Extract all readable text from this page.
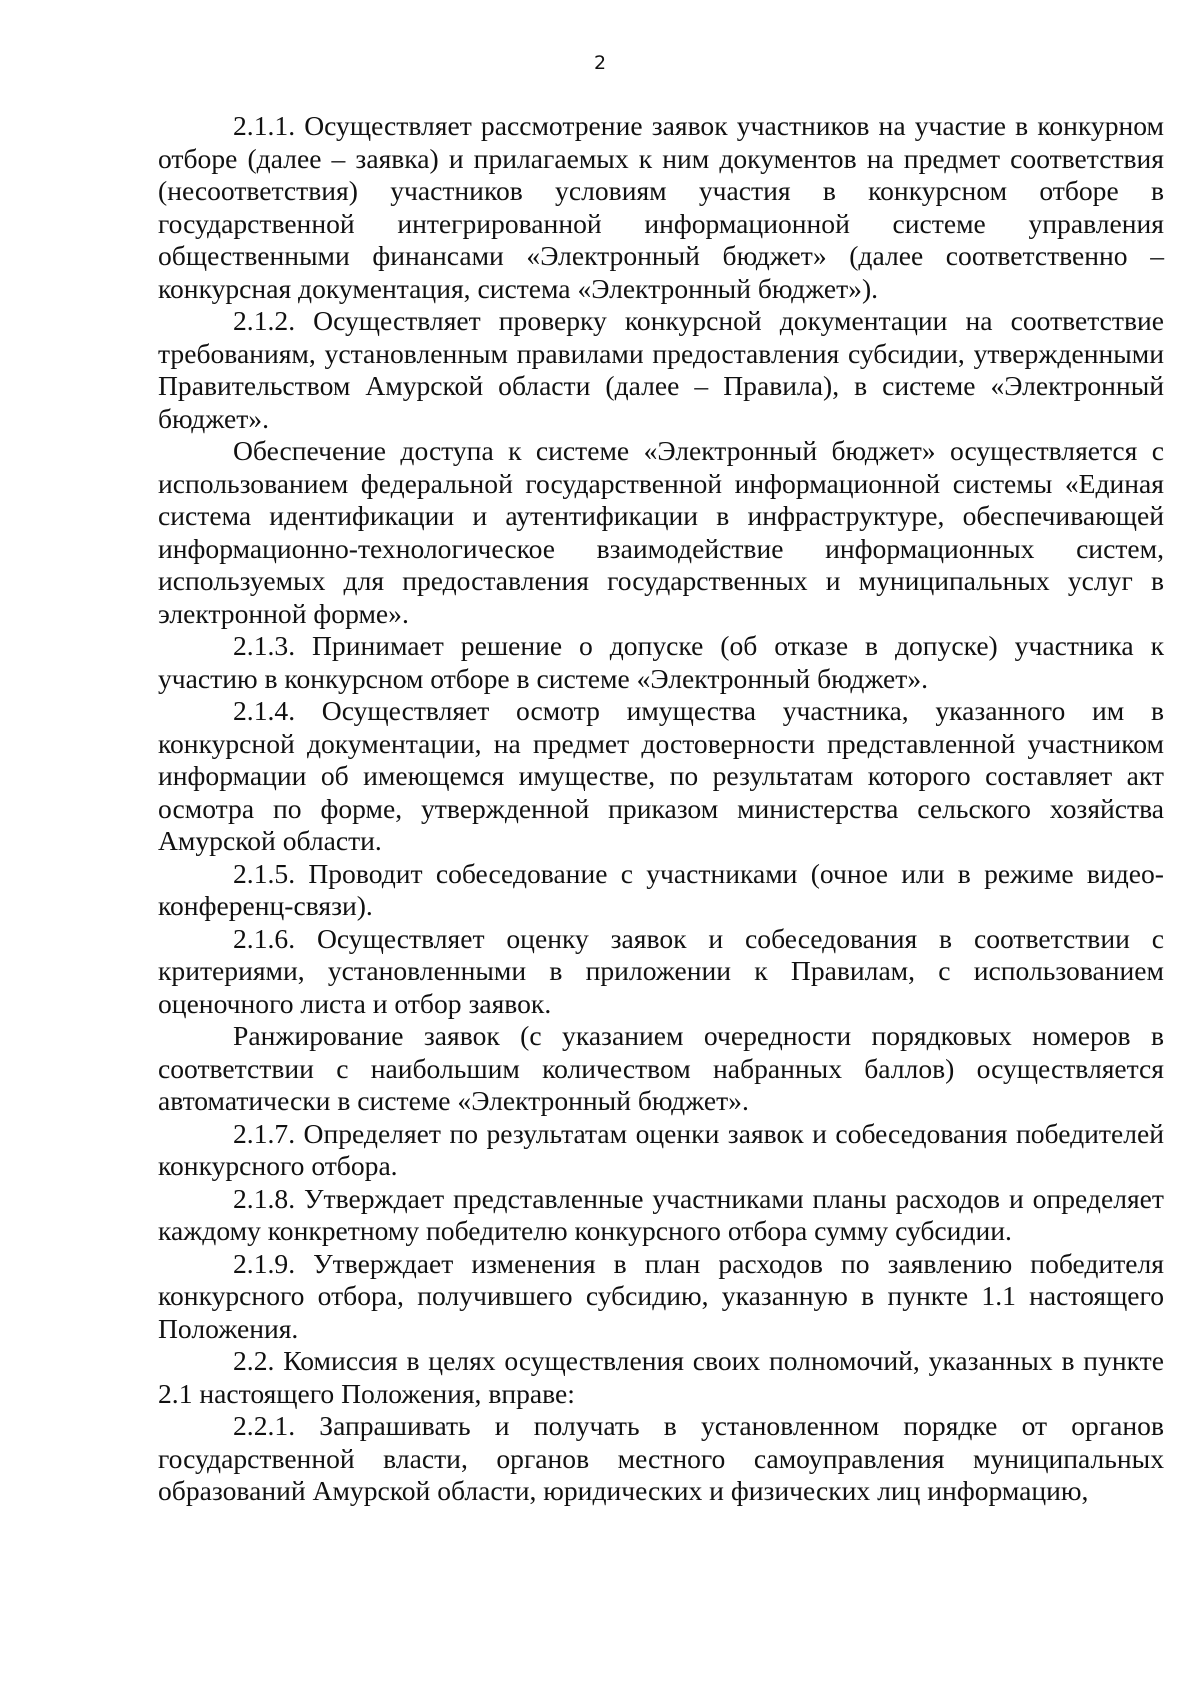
2

2.1.1. Осуществляет рассмотрение заявок участников на участие в конкурном отборе (далее – заявка) и прилагаемых к ним документов на предмет соответствия (несоответствия) участников условиям участия в конкурсном отборе в государственной интегрированной информационной системе управления общественными финансами «Электронный бюджет» (далее соответственно – конкурсная документация, система «Электронный бюджет»).

2.1.2. Осуществляет проверку конкурсной документации на соответствие требованиям, установленным правилами предоставления субсидии, утвержденными Правительством Амурской области (далее – Правила), в системе «Электронный бюджет».

Обеспечение доступа к системе «Электронный бюджет» осуществляется с использованием федеральной государственной информационной системы «Единая система идентификации и аутентификации в инфраструктуре, обеспечивающей информационно-технологическое взаимодействие информационных систем, используемых для предоставления государственных и муниципальных услуг в электронной форме».

2.1.3. Принимает решение о допуске (об отказе в допуске) участника к участию в конкурсном отборе в системе «Электронный бюджет».

2.1.4. Осуществляет осмотр имущества участника, указанного им в конкурсной документации, на предмет достоверности представленной участником информации об имеющемся имуществе, по результатам которого составляет акт осмотра по форме, утвержденной приказом министерства сельского хозяйства Амурской области.

2.1.5. Проводит собеседование с участниками (очное или в режиме видеоконференц-связи).

2.1.6. Осуществляет оценку заявок и собеседования в соответствии с критериями, установленными в приложении к Правилам, с использованием оценочного листа и отбор заявок.

Ранжирование заявок (с указанием очередности порядковых номеров в соответствии с наибольшим количеством набранных баллов) осуществляется автоматически в системе «Электронный бюджет».

2.1.7. Определяет по результатам оценки заявок и собеседования победителей конкурсного отбора.

2.1.8. Утверждает представленные участниками планы расходов и определяет каждому конкретному победителю конкурсного отбора сумму субсидии.

2.1.9. Утверждает изменения в план расходов по заявлению победителя конкурсного отбора, получившего субсидию, указанную в пункте 1.1 настоящего Положения.

2.2. Комиссия в целях осуществления своих полномочий, указанных в пункте 2.1 настоящего Положения, вправе:

2.2.1. Запрашивать и получать в установленном порядке от органов государственной власти, органов местного самоуправления муниципальных образований Амурской области, юридических и физических лиц информацию,
